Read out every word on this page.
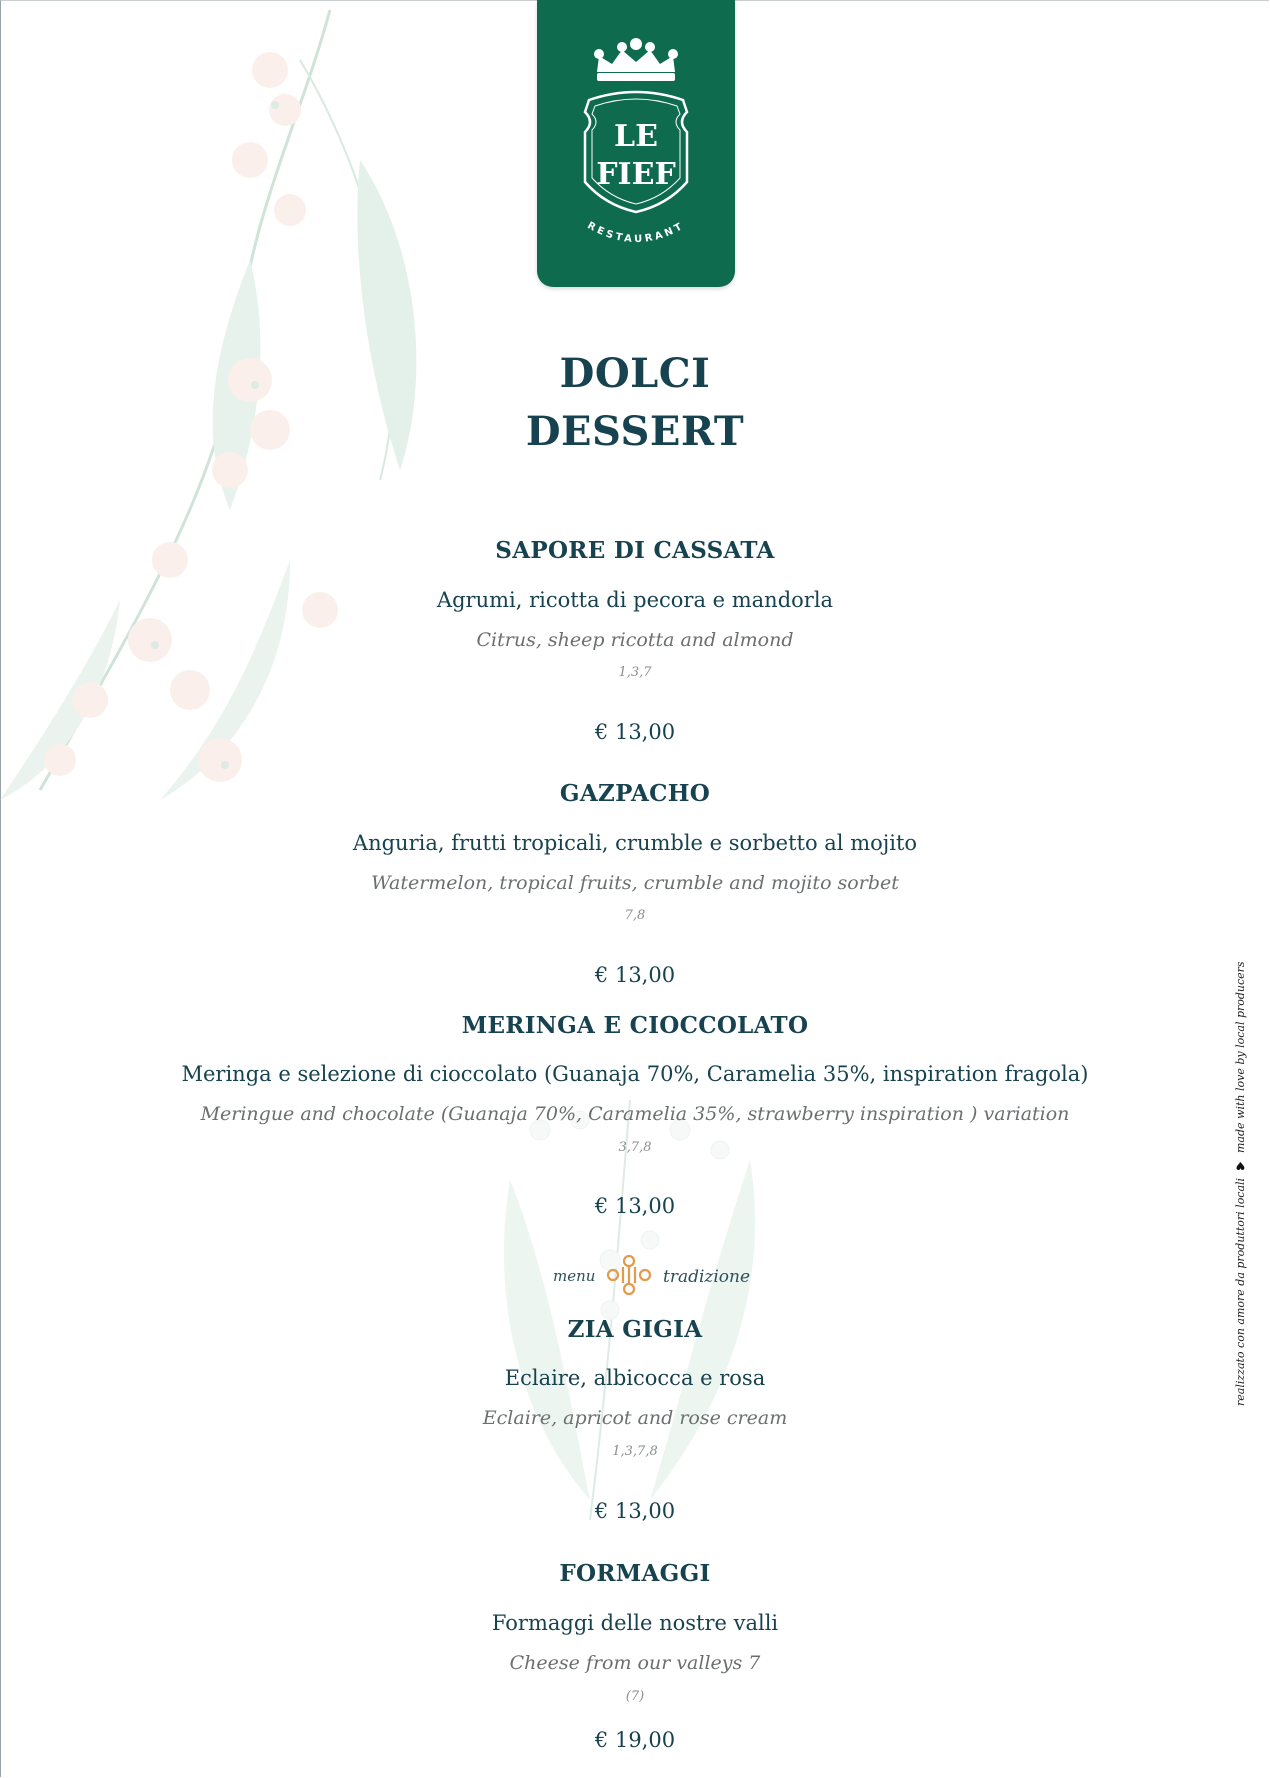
LE
FIEF
RESTAURANT
DOLCI
DESSERT
SAPORE DI CASSATA
Agrumi, ricotta di pecora e mandorla
Citrus, sheep ricotta and almond
1,3,7
€ 13,00
GAZPACHO
Anguria, frutti tropicali, crumble e sorbetto al mojito
Watermelon, tropical fruits, crumble and mojito sorbet
7,8
€ 13,00
MERINGA E CIOCCOLATO
Meringa e selezione di cioccolato (Guanaja 70%, Caramelia 35%, inspiration fragola)
Meringue and chocolate (Guanaja 70%, Caramelia 35%, strawberry inspiration ) variation
3,7,8
€ 13,00
menu	tradizione
ZIA GIGIA
Eclaire, albicocca e rosa
Eclaire, apricot and rose cream
1,3,7,8
€ 13,00
FORMAGGI
Formaggi delle nostre valli
Cheese from our valleys 7
(7)
€ 19,00
realizzato con amore da produttori locali
♥
made with love by local producers
